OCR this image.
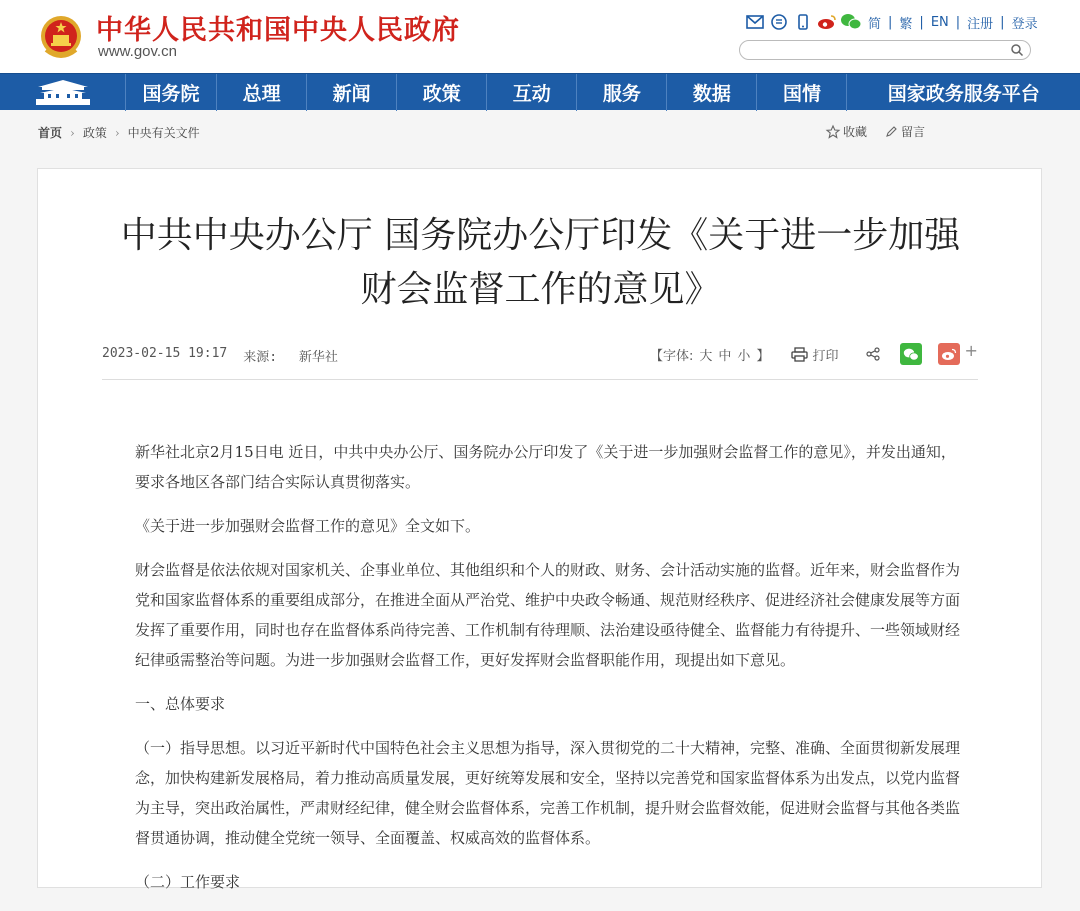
中华人民共和国中央人民政府
www.gov.cn
简 | 繁 | EN | 注册 | 登录
国务院	总理	新闻	政策	互动	服务	数据	国情	国家政务服务平台
首页 › 政策 › 中央有关文件	收藏	留言
中共中央办公厅 国务院办公厅印发《关于进一步加强
财会监督工作的意见》
2023-02-15 19:17 来源: 新华社	【字体: 大 中 小 】	打印	+

新华社北京2月15日电 近日，中共中央办公厅、国务院办公厅印发了《关于进一步加强财会监督工作的意见》，并发出通知，要求各地区各部门结合实际认真贯彻落实。

《关于进一步加强财会监督工作的意见》全文如下。

财会监督是依法依规对国家机关、企事业单位、其他组织和个人的财政、财务、会计活动实施的监督。近年来，财会监督作为党和国家监督体系的重要组成部分，在推进全面从严治党、维护中央政令畅通、规范财经秩序、促进经济社会健康发展等方面发挥了重要作用，同时也存在监督体系尚待完善、工作机制有待理顺、法治建设亟待健全、监督能力有待提升、一些领域财经纪律亟需整治等问题。为进一步加强财会监督工作，更好发挥财会监督职能作用，现提出如下意见。

一、总体要求

（一）指导思想。以习近平新时代中国特色社会主义思想为指导，深入贯彻党的二十大精神，完整、准确、全面贯彻新发展理念，加快构建新发展格局，着力推动高质量发展，更好统筹发展和安全，坚持以完善党和国家监督体系为出发点，以党内监督为主导，突出政治属性，严肃财经纪律，健全财会监督体系，完善工作机制，提升财会监督效能，促进财会监督与其他各类监督贯通协调，推动健全党统一领导、全面覆盖、权威高效的监督体系。

（二）工作要求
